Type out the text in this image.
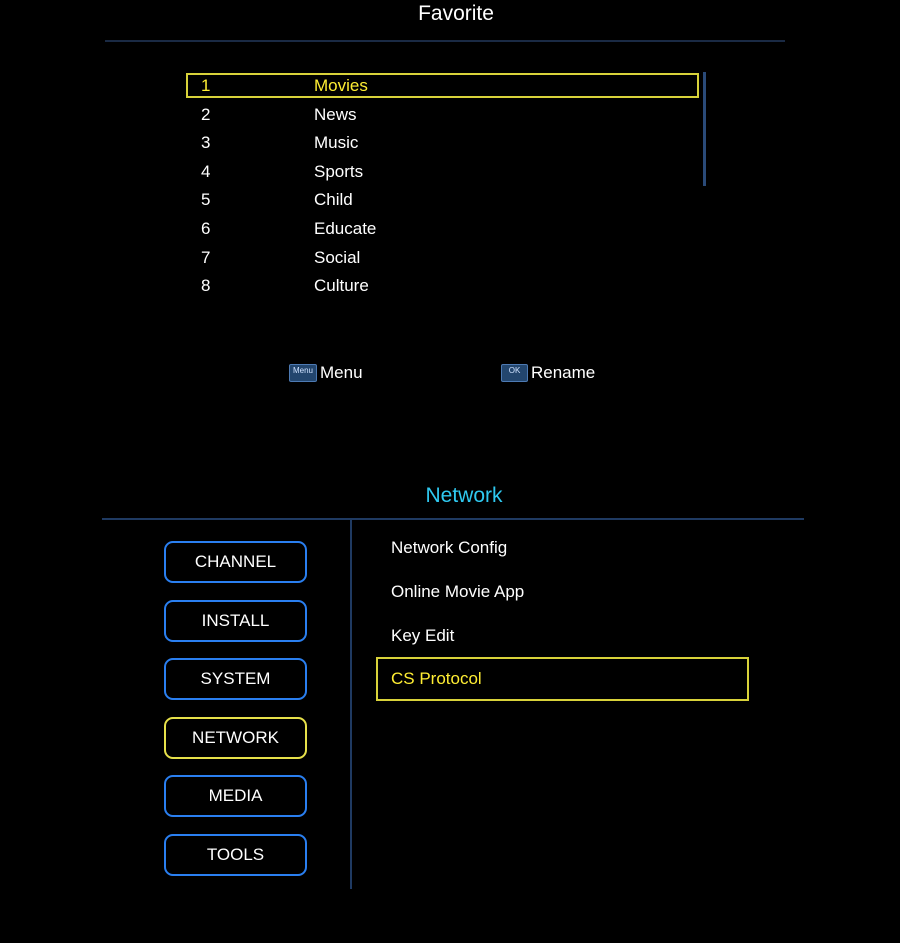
Favorite
1	Movies
2	News
3	Music
4	Sports
5	Child
6	Educate
7	Social
8	Culture
Menu Menu	OK Rename
Network
CHANNEL
INSTALL
SYSTEM
NETWORK
MEDIA
TOOLS
Network Config
Online Movie App
Key Edit
CS Protocol
